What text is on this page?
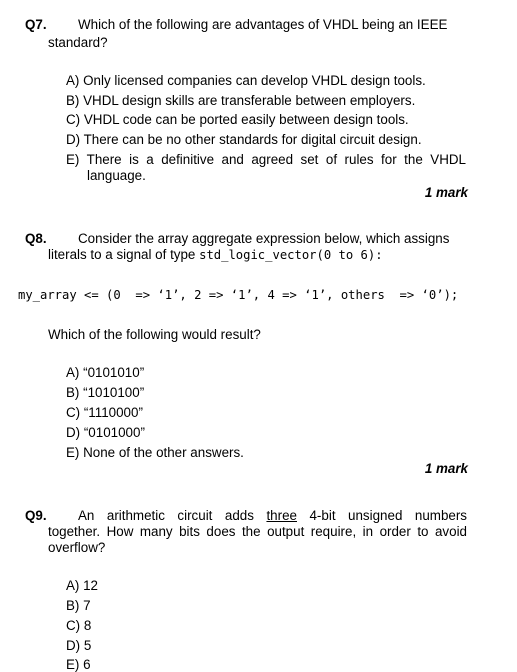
Q7. Which of the following are advantages of VHDL being an IEEE
standard?
A) Only licensed companies can develop VHDL design tools.
B) VHDL design skills are transferable between employers.
C) VHDL code can be ported easily between design tools.
D) There can be no other standards for digital circuit design.
E) There is a definitive and agreed set of rules for the VHDL
language.
1 mark
Q8. Consider the array aggregate expression below, which assigns
literals to a signal of type std_logic_vector(0 to 6):
my_array <= (0  => ‘1’, 2 => ‘1’, 4 => ‘1’, others  => ‘0’);
Which of the following would result?
A) “0101010”
B) “1010100”
C) “1110000”
D) “0101000”
E) None of the other answers.
1 mark
Q9. An arithmetic circuit adds three 4-bit unsigned numbers
together. How many bits does the output require, in order to avoid
overflow?
A) 12
B) 7
C) 8
D) 5
E) 6
